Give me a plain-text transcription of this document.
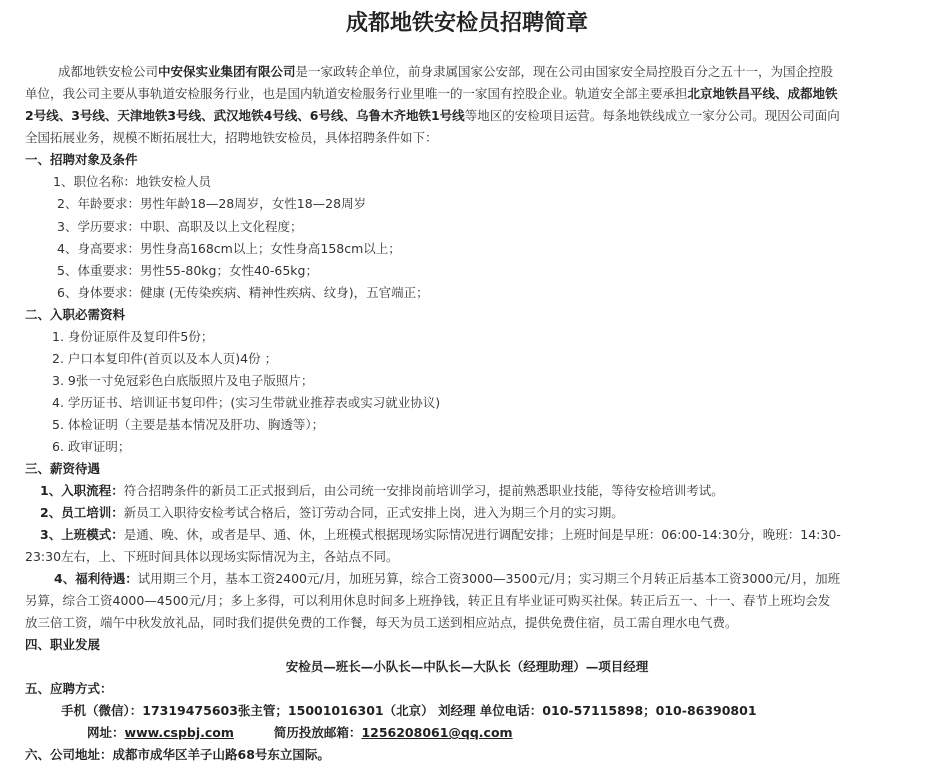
成都地铁安检员招聘简章
成都地铁安检公司中安保实业集团有限公司是一家政转企单位，前身隶属国家公安部，现在公司由国家安全局控股百分之五十一，为国企控股
单位，我公司主要从事轨道安检服务行业，也是国内轨道安检服务行业里唯一的一家国有控股企业。轨道安全部主要承担北京地铁昌平线、成都地铁
2号线、3号线、天津地铁3号线、武汉地铁4号线、6号线、乌鲁木齐地铁1号线等地区的安检项目运营。每条地铁线成立一家分公司。现因公司面向
全国拓展业务，规模不断拓展壮大，招聘地铁安检员，具体招聘条件如下：
一、招聘对象及条件
1、职位名称：地铁安检人员
2、年龄要求：男性年龄18—28周岁，女性18—28周岁
3、学历要求：中职、高职及以上文化程度；
4、身高要求：男性身高168cm以上；女性身高158cm以上；
5、体重要求：男性55-80kg；女性40-65kg；
6、身体要求：健康 (无传染疾病、精神性疾病、纹身)，五官端正；
二、入职必需资料
1. 身份证原件及复印件5份；
2. 户口本复印件(首页以及本人页)4份 ；
3. 9张一寸免冠彩色白底版照片及电子版照片；
4. 学历证书、培训证书复印件；(实习生带就业推荐表或实习就业协议)
5. 体检证明（主要是基本情况及肝功、胸透等）；
6. 政审证明；
三、薪资待遇
1、入职流程：符合招聘条件的新员工正式报到后，由公司统一安排岗前培训学习，提前熟悉职业技能，等待安检培训考试。
2、员工培训：新员工入职待安检考试合格后，签订劳动合同，正式安排上岗，进入为期三个月的实习期。
3、上班模式：是通、晚、休，或者是早、通、休，上班模式根据现场实际情况进行调配安排；上班时间是早班：06:00-14:30分，晚班：14:30-
23:30左右，上、下班时间具体以现场实际情况为主，各站点不同。
4、福利待遇：试用期三个月，基本工资2400元/月，加班另算，综合工资3000—3500元/月；实习期三个月转正后基本工资3000元/月，加班
另算，综合工资4000—4500元/月；多上多得，可以利用休息时间多上班挣钱，转正且有毕业证可购买社保。转正后五一、十一、春节上班均会发
放三倍工资，端午中秋发放礼品，同时我们提供免费的工作餐，每天为员工送到相应站点，提供免费住宿，员工需自理水电气费。
四、职业发展
安检员—班长—小队长—中队长—大队长（经理助理）—项目经理
五、应聘方式：
手机（微信）：17319475603张主管；15001016301（北京） 刘经理 单位电话：010-57115898；010-86390801
网址：www.cspbj.com	简历投放邮箱：1256208061@qq.com
六、公司地址：成都市成华区羊子山路68号东立国际。
